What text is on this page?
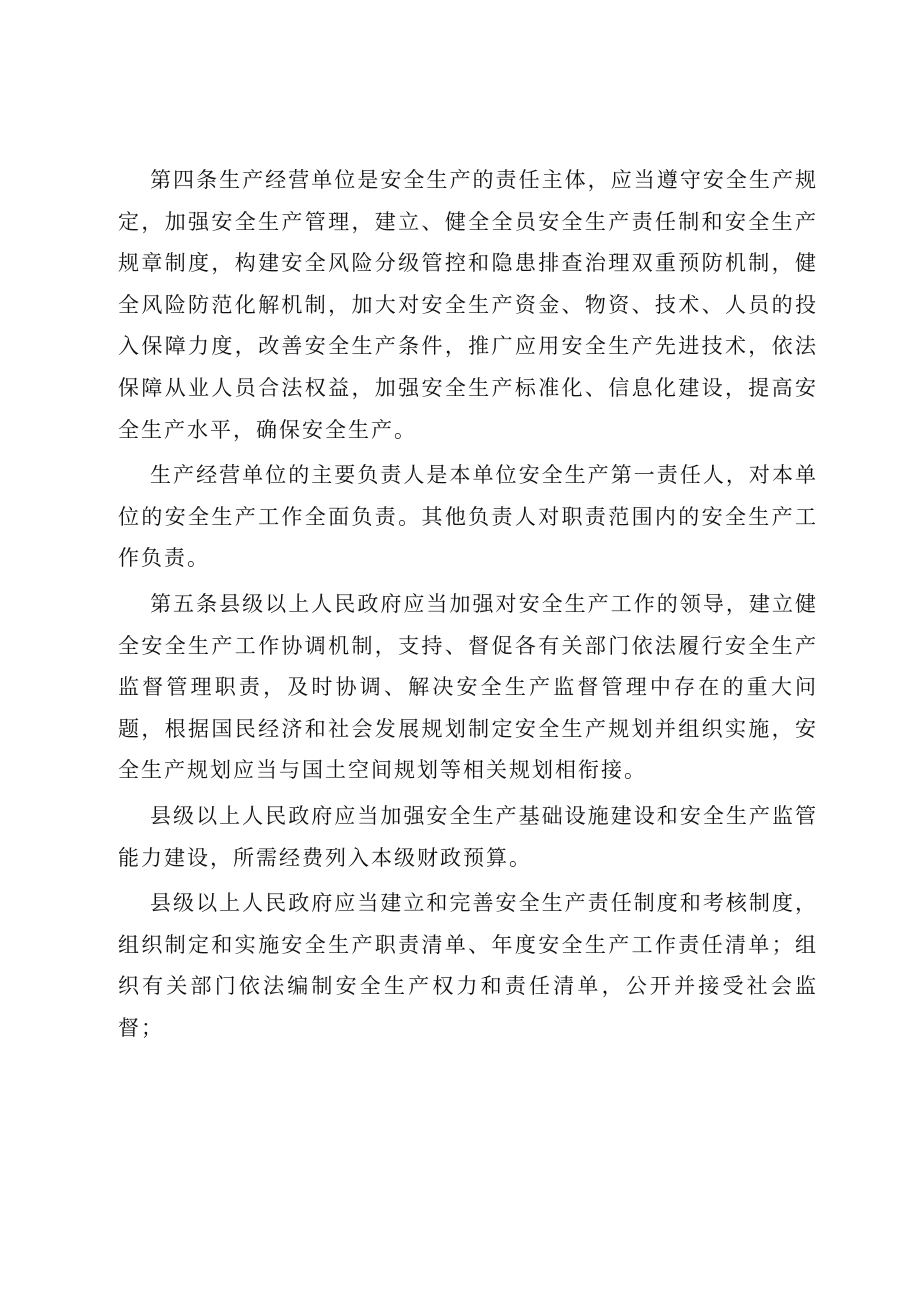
第四条生产经营单位是安全生产的责任主体，应当遵守安全生产规定，加强安全生产管理，建立、健全全员安全生产责任制和安全生产规章制度，构建安全风险分级管控和隐患排查治理双重预防机制，健全风险防范化解机制，加大对安全生产资金、物资、技术、人员的投入保障力度，改善安全生产条件，推广应用安全生产先进技术，依法保障从业人员合法权益，加强安全生产标准化、信息化建设，提高安全生产水平，确保安全生产。

生产经营单位的主要负责人是本单位安全生产第一责任人，对本单位的安全生产工作全面负责。其他负责人对职责范围内的安全生产工作负责。

第五条县级以上人民政府应当加强对安全生产工作的领导，建立健全安全生产工作协调机制，支持、督促各有关部门依法履行安全生产监督管理职责，及时协调、解决安全生产监督管理中存在的重大问题，根据国民经济和社会发展规划制定安全生产规划并组织实施，安全生产规划应当与国土空间规划等相关规划相衔接。

县级以上人民政府应当加强安全生产基础设施建设和安全生产监管能力建设，所需经费列入本级财政预算。

县级以上人民政府应当建立和完善安全生产责任制度和考核制度，组织制定和实施安全生产职责清单、年度安全生产工作责任清单；组织有关部门依法编制安全生产权力和责任清单，公开并接受社会监督；
